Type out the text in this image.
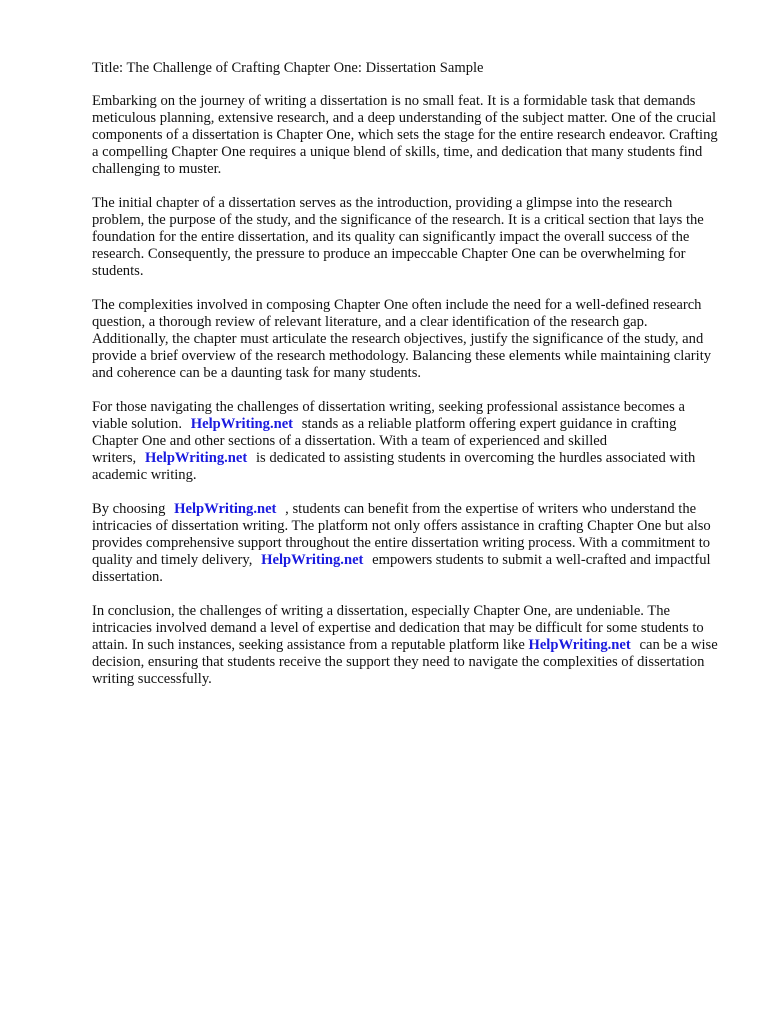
Title: The Challenge of Crafting Chapter One: Dissertation Sample

Embarking on the journey of writing a dissertation is no small feat. It is a formidable task that demands meticulous planning, extensive research, and a deep understanding of the subject matter. One of the crucial components of a dissertation is Chapter One, which sets the stage for the entire research endeavor. Crafting a compelling Chapter One requires a unique blend of skills, time, and dedication that many students find challenging to muster.

The initial chapter of a dissertation serves as the introduction, providing a glimpse into the research problem, the purpose of the study, and the significance of the research. It is a critical section that lays the foundation for the entire dissertation, and its quality can significantly impact the overall success of the research. Consequently, the pressure to produce an impeccable Chapter One can be overwhelming for students.

The complexities involved in composing Chapter One often include the need for a well-defined research question, a thorough review of relevant literature, and a clear identification of the research gap. Additionally, the chapter must articulate the research objectives, justify the significance of the study, and provide a brief overview of the research methodology. Balancing these elements while maintaining clarity and coherence can be a daunting task for many students.

For those navigating the challenges of dissertation writing, seeking professional assistance becomes a viable solution. HelpWriting.net stands as a reliable platform offering expert guidance in crafting Chapter One and other sections of a dissertation. With a team of experienced and skilled writers, HelpWriting.net is dedicated to assisting students in overcoming the hurdles associated with academic writing.

By choosing HelpWriting.net , students can benefit from the expertise of writers who understand the intricacies of dissertation writing. The platform not only offers assistance in crafting Chapter One but also provides comprehensive support throughout the entire dissertation writing process. With a commitment to quality and timely delivery, HelpWriting.net empowers students to submit a well-crafted and impactful dissertation.

In conclusion, the challenges of writing a dissertation, especially Chapter One, are undeniable. The intricacies involved demand a level of expertise and dedication that may be difficult for some students to attain. In such instances, seeking assistance from a reputable platform like HelpWriting.net can be a wise decision, ensuring that students receive the support they need to navigate the complexities of dissertation writing successfully.
